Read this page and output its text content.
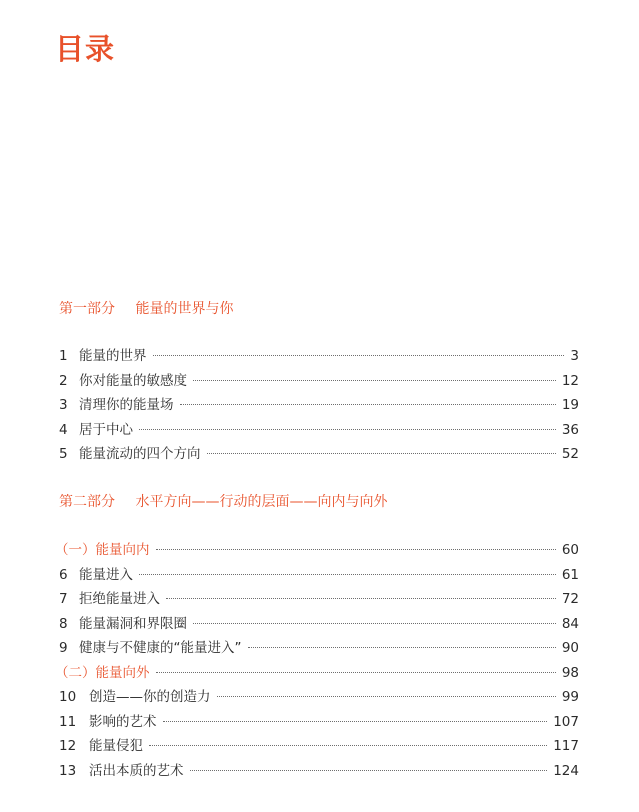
目录
第一部分 能量的世界与你
1 能量的世界	3
2 你对能量的敏感度	12
3 清理你的能量场	19
4 居于中心	36
5 能量流动的四个方向	52
第二部分 水平方向——行动的层面——向内与向外
（一）能量向内	60
6 能量进入	61
7 拒绝能量进入	72
8 能量漏洞和界限圈	84
9 健康与不健康的“能量进入”	90
（二）能量向外	98
10 创造——你的创造力	99
11 影响的艺术	107
12 能量侵犯	117
13 活出本质的艺术	124
